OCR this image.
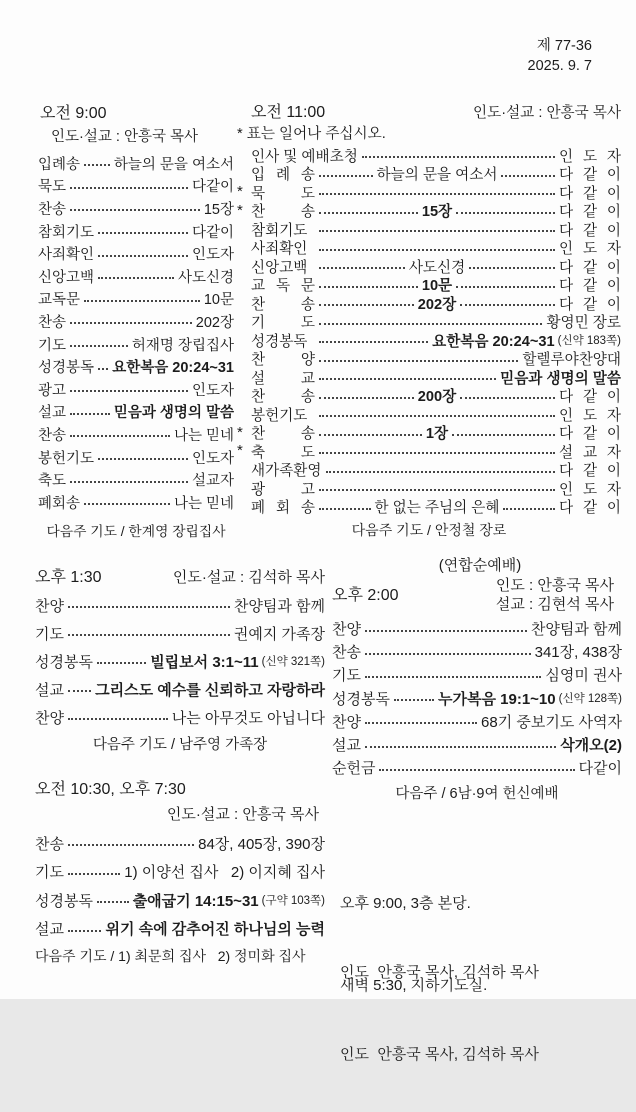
제 77-36
2025. 9. 7
오전 9:00
인도·설교 : 안흥국 목사
입례송 하늘의 문을 여소서
묵도	다같이
찬송	15장
참회기도	다같이
사죄확인	인도자
신앙고백	사도신경
교독문	10문
찬송	202장
기도	허재명 장립집사
성경봉독 요한복음 20:24~31
광고	인도자
설교	믿음과 생명의 말씀
찬송	나는 믿네
봉헌기도	인도자
축도	설교자
폐회송	나는 믿네
다음주 기도 / 한계영 장립집사
오전 11:00	인도·설교 : 안흥국 목사
* 표는 일어나 주십시오.
인사 및 예배초청	인 도 자
입 례 송	하늘의 문을 여소서	다 같 이
* 묵 도	다 같 이
* 찬 송	15장	다 같 이
참회기도	다 같 이
사죄확인	인 도 자
신앙고백	사도신경	다 같 이
교 독 문	10문	다 같 이
찬 송	202장	다 같 이
기 도	황영민 장로
성경봉독	요한복음 20:24~31 (신약 183쪽)
찬 양	할렐루야찬양대
설 교	믿음과 생명의 말씀
찬 송	200장	다 같 이
봉헌기도	인 도 자
* 찬 송	1장	다 같 이
* 축 도	설 교 자
새가족환영	다 같 이
광 고	인 도 자
폐 회 송	한 없는 주님의 은혜	다 같 이
다음주 기도 / 안정철 장로
오후 1:30	인도·설교 : 김석하 목사
찬양	찬양팀과 함께
기도	권예지 가족장
성경봉독	빌립보서 3:1~11 (신약 321쪽)
설교 그리스도 예수를 신뢰하고 자랑하라
찬양	나는 아무것도 아닙니다
다음주 기도 / 남주영 가족장
오전 10:30, 오후 7:30
인도·설교 : 안흥국 목사
찬송	84장, 405장, 390장
기도	1) 이양선 집사   2) 이지혜 집사
성경봉독	출애굽기 14:15~31 (구약 103쪽)
설교	위기 속에 감추어진 하나님의 능력
다음주 기도 / 1) 최문희 집사   2) 정미화 집사
(연합순예배)
오후 2:00
인도 : 안흥국 목사
설교 : 김현석 목사
찬양	찬양팀과 함께
찬송	341장, 438장
기도	심영미 권사
성경봉독	누가복음 19:1~10 (신약 128쪽)
찬양	68기 중보기도 사역자
설교	삭개오(2)
순헌금	다같이
다음주 / 6남·9여 헌신예배

오후 9:00, 3층 본당.

인도  안흥국 목사, 김석하 목사

새벽 5:30, 지하기도실.

인도  안흥국 목사, 김석하 목사
